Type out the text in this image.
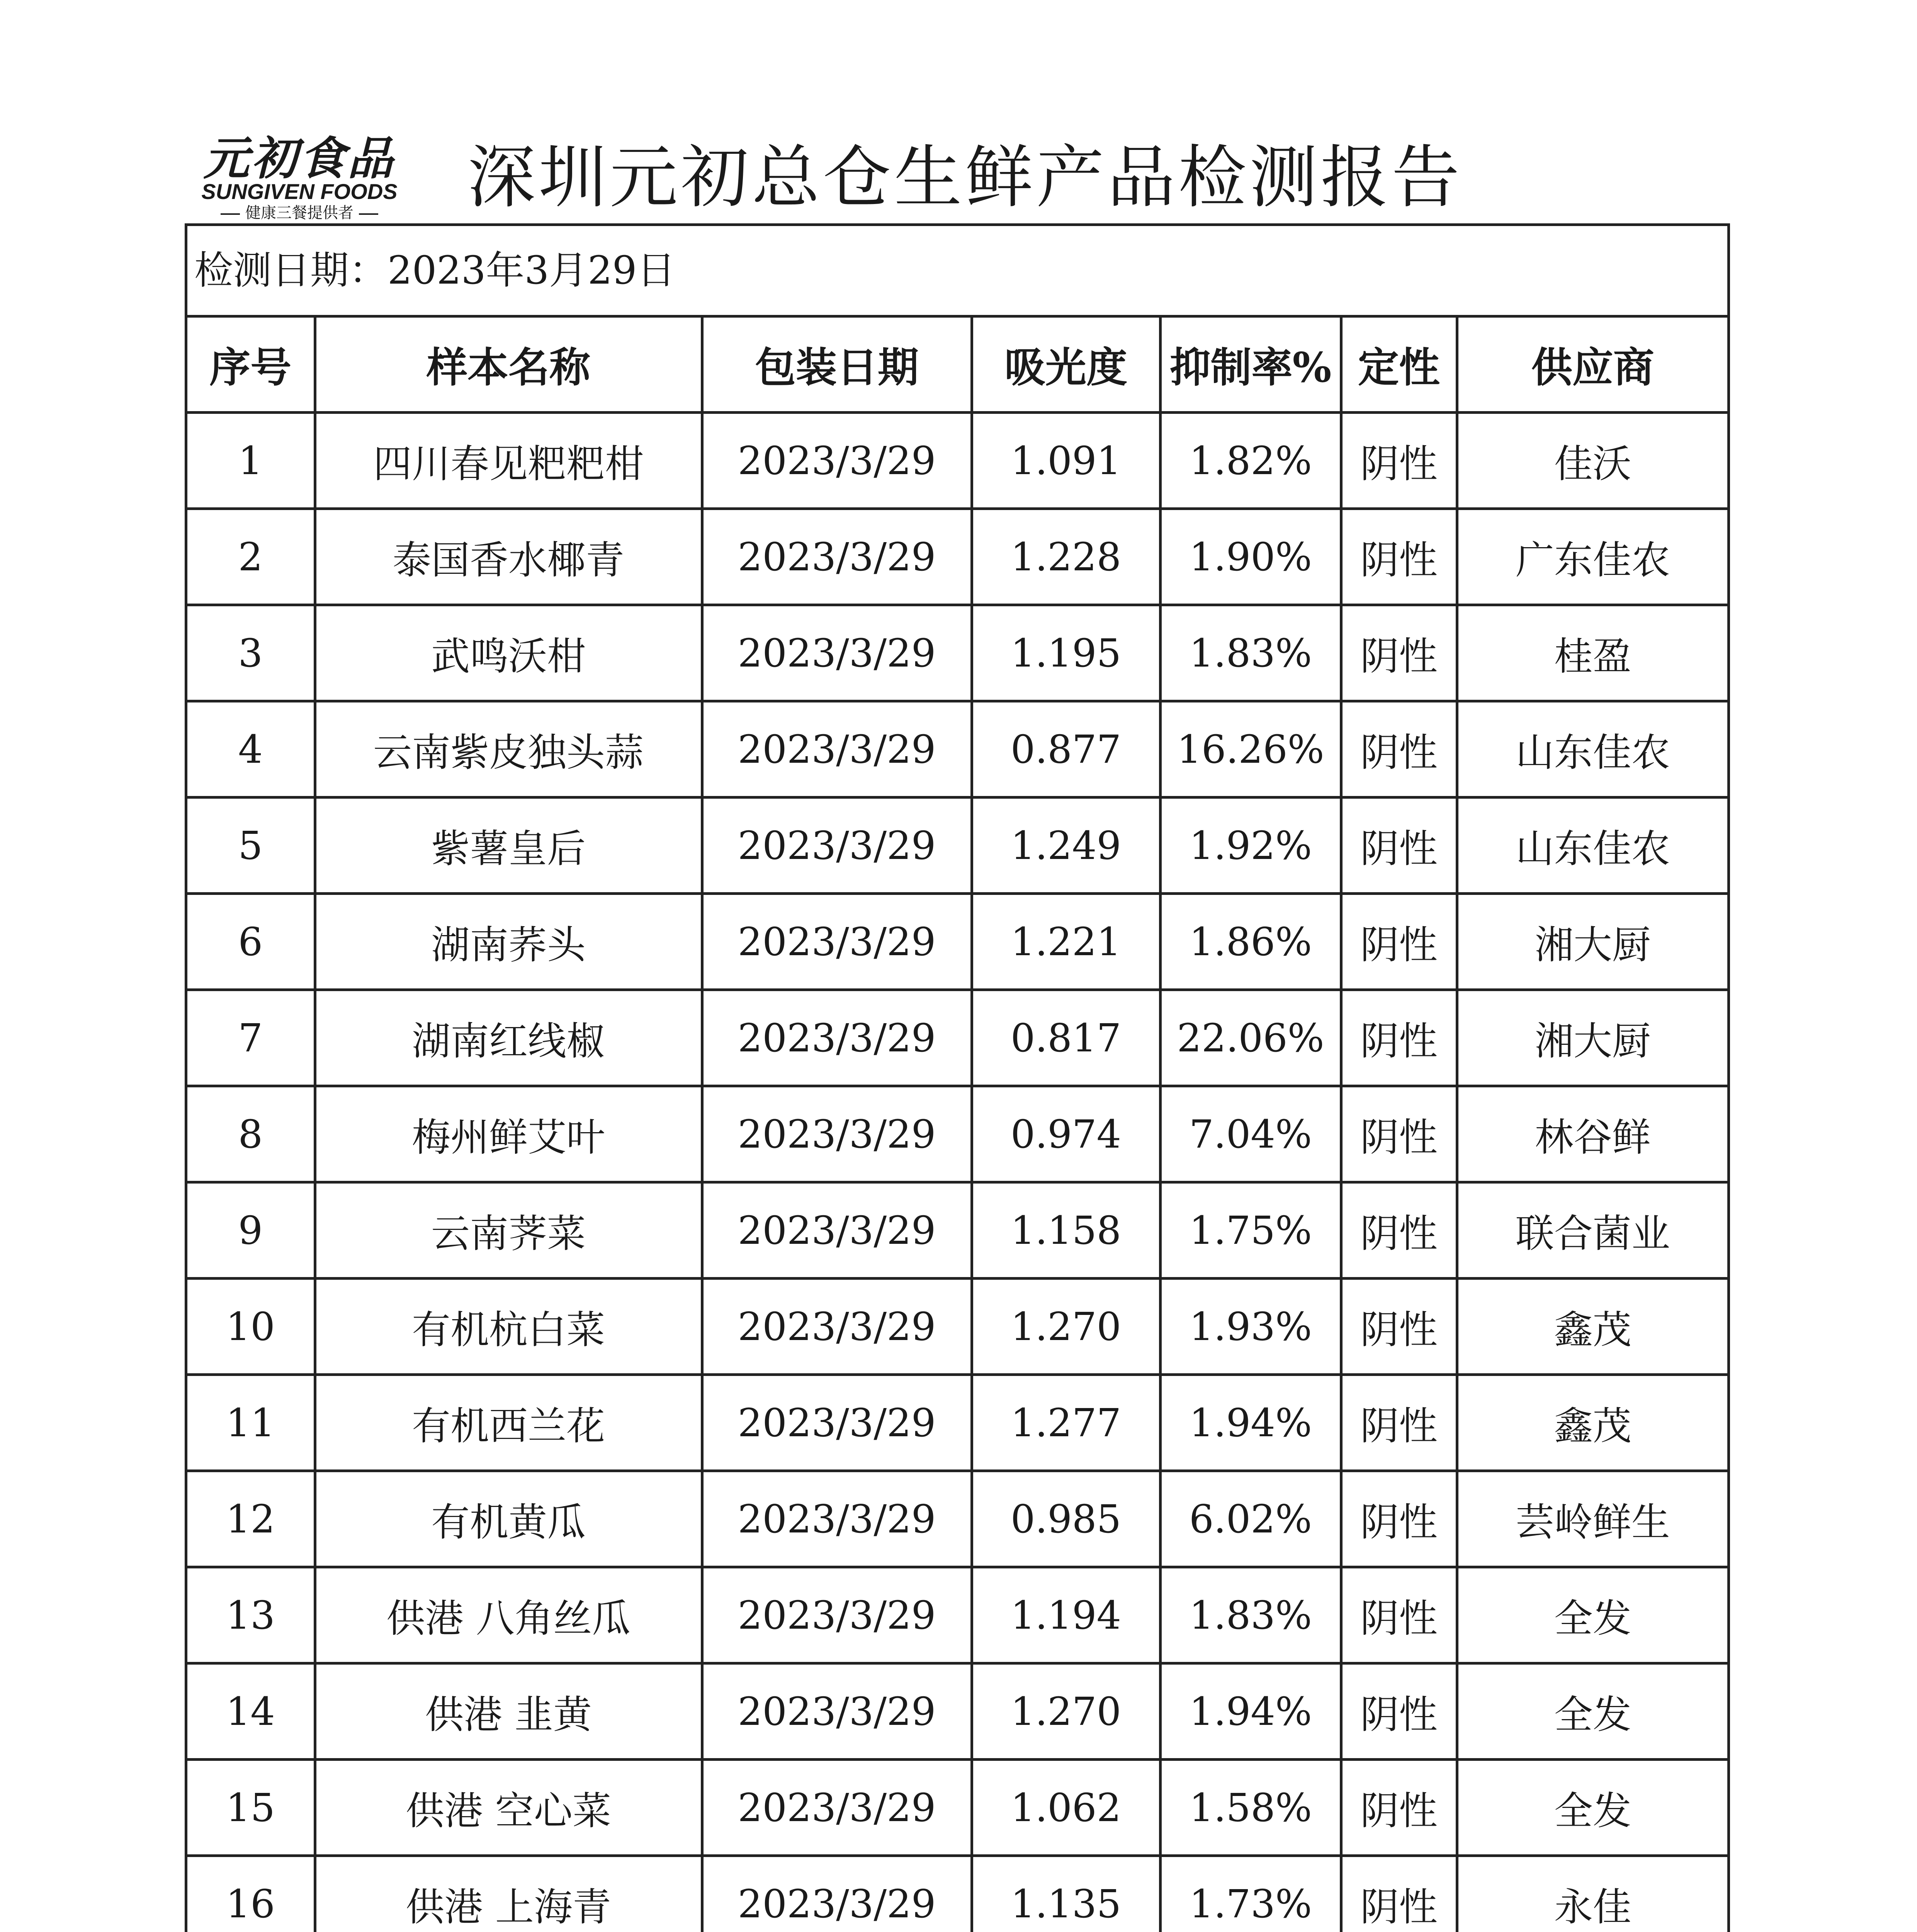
元初食品
SUNGIVEN FOODS
健康三餐提供者	深圳元初总仓生鲜产品检测报告
检测日期：2023年3月29日
序号	样本名称	包装日期	吸光度	抑制率%	定性	供应商
1	四川春见粑粑柑	2023/3/29	1.091	1.82%	阴性	佳沃
2	泰国香水椰青	2023/3/29	1.228	1.90%	阴性	广东佳农
3	武鸣沃柑	2023/3/29	1.195	1.83%	阴性	桂盈
4	云南紫皮独头蒜	2023/3/29	0.877	16.26%	阴性	山东佳农
5	紫薯皇后	2023/3/29	1.249	1.92%	阴性	山东佳农
6	湖南荞头	2023/3/29	1.221	1.86%	阴性	湘大厨
7	湖南红线椒	2023/3/29	0.817	22.06%	阴性	湘大厨
8	梅州鲜艾叶	2023/3/29	0.974	7.04%	阴性	林谷鲜
9	云南荠菜	2023/3/29	1.158	1.75%	阴性	联合菌业
10	有机杭白菜	2023/3/29	1.270	1.93%	阴性	鑫茂
11	有机西兰花	2023/3/29	1.277	1.94%	阴性	鑫茂
12	有机黄瓜	2023/3/29	0.985	6.02%	阴性	芸岭鲜生
13	供港 八角丝瓜	2023/3/29	1.194	1.83%	阴性	全发
14	供港 韭黄	2023/3/29	1.270	1.94%	阴性	全发
15	供港 空心菜	2023/3/29	1.062	1.58%	阴性	全发
16	供港 上海青	2023/3/29	1.135	1.73%	阴性	永佳
